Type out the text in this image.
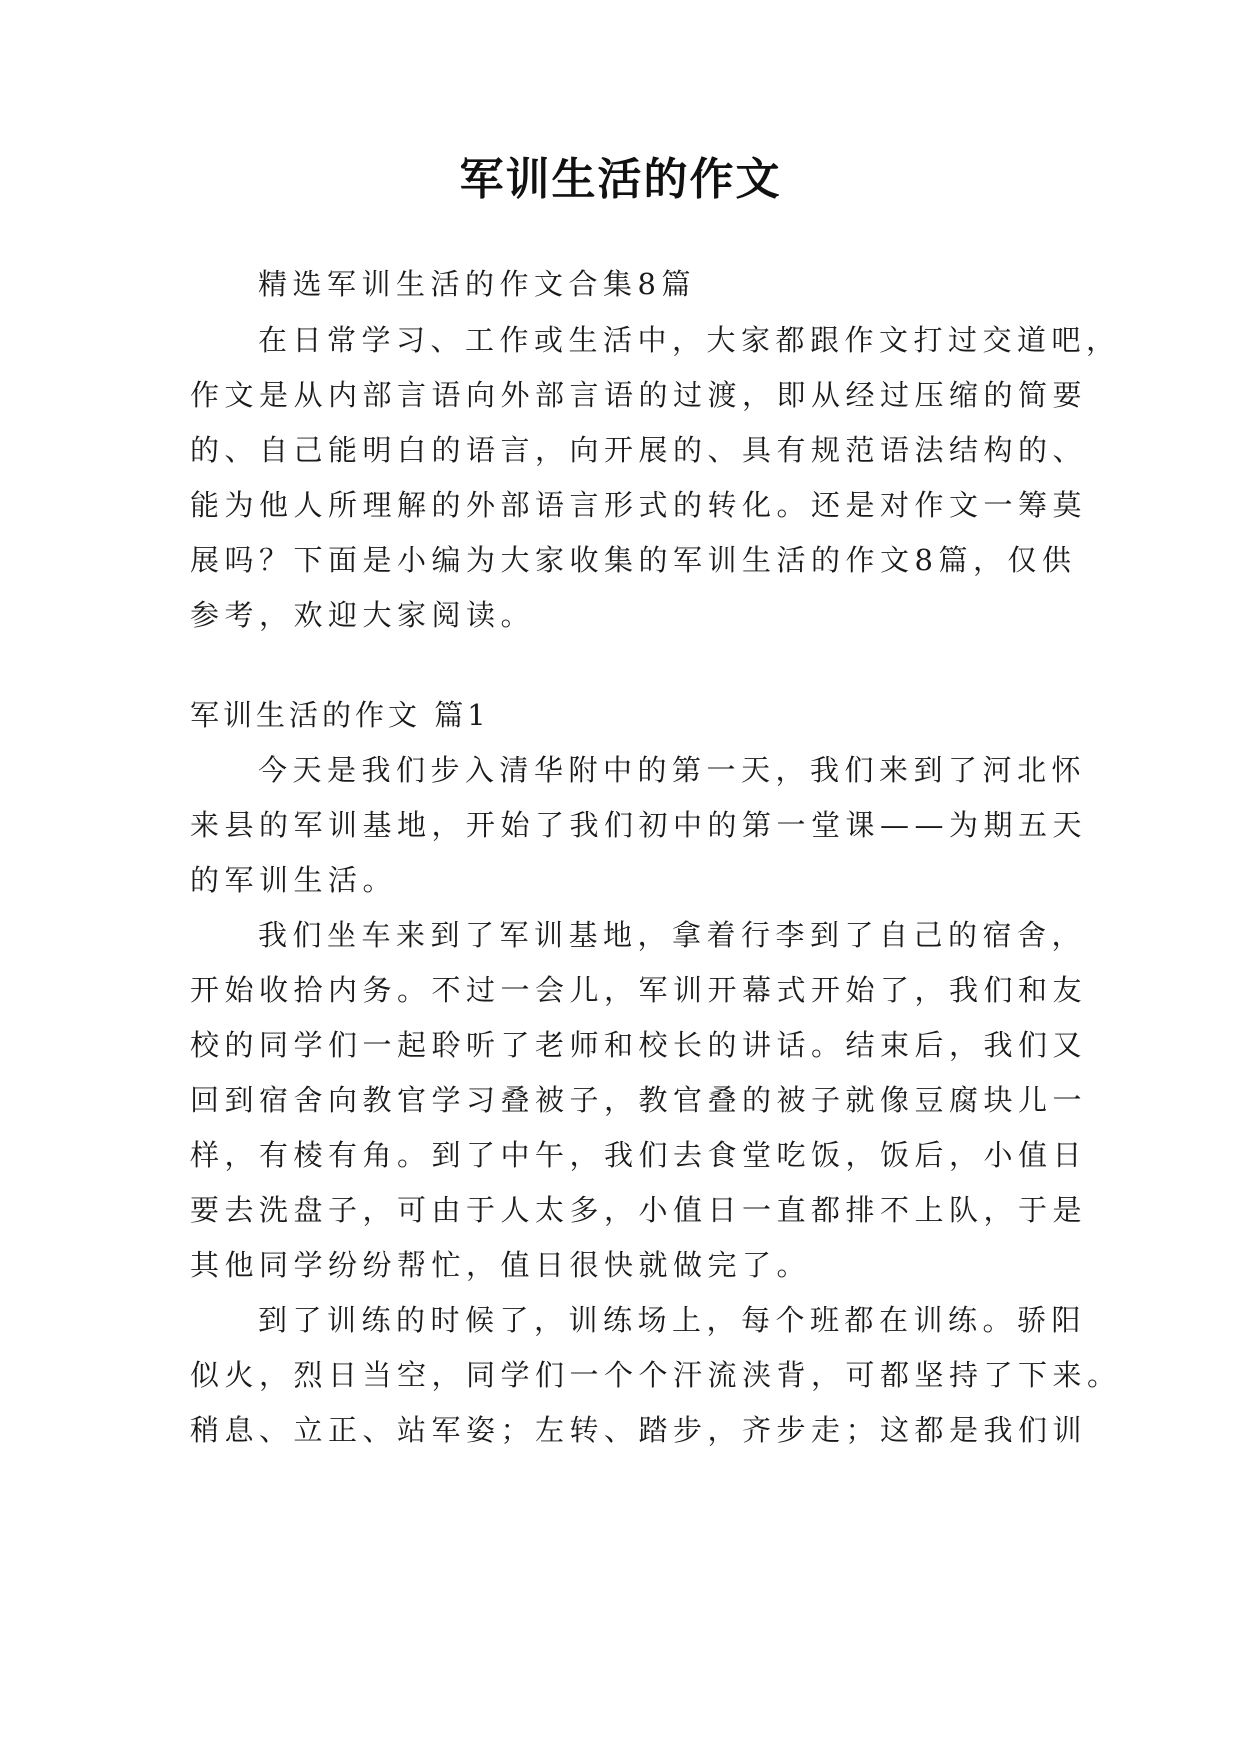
军训生活的作文
精选军训生活的作文合集8篇
在日常学习、工作或生活中，大家都跟作文打过交道吧，
作文是从内部言语向外部言语的过渡，即从经过压缩的简要
的、自己能明白的语言，向开展的、具有规范语法结构的、
能为他人所理解的外部语言形式的转化。还是对作文一筹莫
展吗？下面是小编为大家收集的军训生活的作文8篇，仅供
参考，欢迎大家阅读。
军训生活的作文 篇1
今天是我们步入清华附中的第一天，我们来到了河北怀
来县的军训基地，开始了我们初中的第一堂课——为期五天
的军训生活。
我们坐车来到了军训基地，拿着行李到了自己的宿舍，
开始收拾内务。不过一会儿，军训开幕式开始了，我们和友
校的同学们一起聆听了老师和校长的讲话。结束后，我们又
回到宿舍向教官学习叠被子，教官叠的被子就像豆腐块儿一
样，有棱有角。到了中午，我们去食堂吃饭，饭后，小值日
要去洗盘子，可由于人太多，小值日一直都排不上队，于是
其他同学纷纷帮忙，值日很快就做完了。
到了训练的时候了，训练场上，每个班都在训练。骄阳
似火，烈日当空，同学们一个个汗流浃背，可都坚持了下来。
稍息、立正、站军姿；左转、踏步，齐步走；这都是我们训
